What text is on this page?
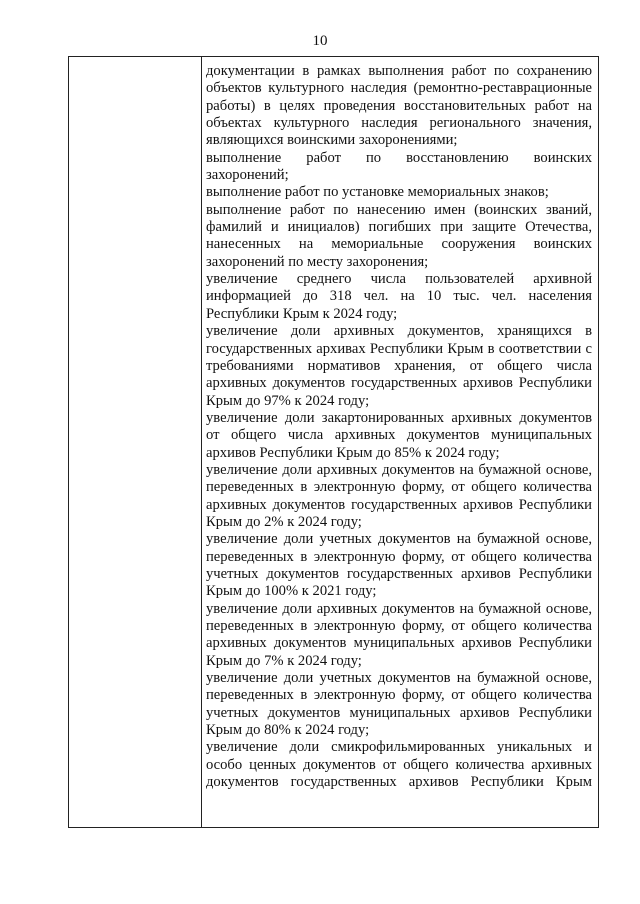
10

документации в рамках выполнения работ по сохранению объектов культурного наследия (ремонтно-реставрационные работы) в целях проведения восстановительных работ на объектах культурного наследия регионального значения, являющихся воинскими захоронениями;

выполнение работ по восстановлению воинских захоронений;

выполнение работ по установке мемориальных знаков;

выполнение работ по нанесению имен (воинских званий, фамилий и инициалов) погибших при защите Отечества, нанесенных на мемориальные сооружения воинских захоронений по месту захоронения;

увеличение среднего числа пользователей архивной информацией до 318 чел. на 10 тыс. чел. населения Республики Крым к 2024 году;

увеличение доли архивных документов, хранящихся в государственных архивах Республики Крым в соответствии с требованиями нормативов хранения, от общего числа архивных документов государственных архивов Республики Крым до 97% к 2024 году;

увеличение доли закартонированных архивных документов от общего числа архивных документов муниципальных архивов Республики Крым до 85% к 2024 году;

увеличение доли архивных документов на бумажной основе, переведенных в электронную форму, от общего количества архивных документов государственных архивов Республики Крым до 2% к 2024 году;

увеличение доли учетных документов на бумажной основе, переведенных в электронную форму, от общего количества учетных документов государственных архивов Республики Крым до 100% к 2021 году;

увеличение доли архивных документов на бумажной основе, переведенных в электронную форму, от общего количества архивных документов муниципальных архивов Республики Крым до 7% к 2024 году;

увеличение доли учетных документов на бумажной основе, переведенных в электронную форму, от общего количества учетных документов муниципальных архивов Республики Крым до 80% к 2024 году;

увеличение доли смикрофильмированных уникальных и особо ценных документов от общего количества архивных документов государственных архивов Республики Крым
